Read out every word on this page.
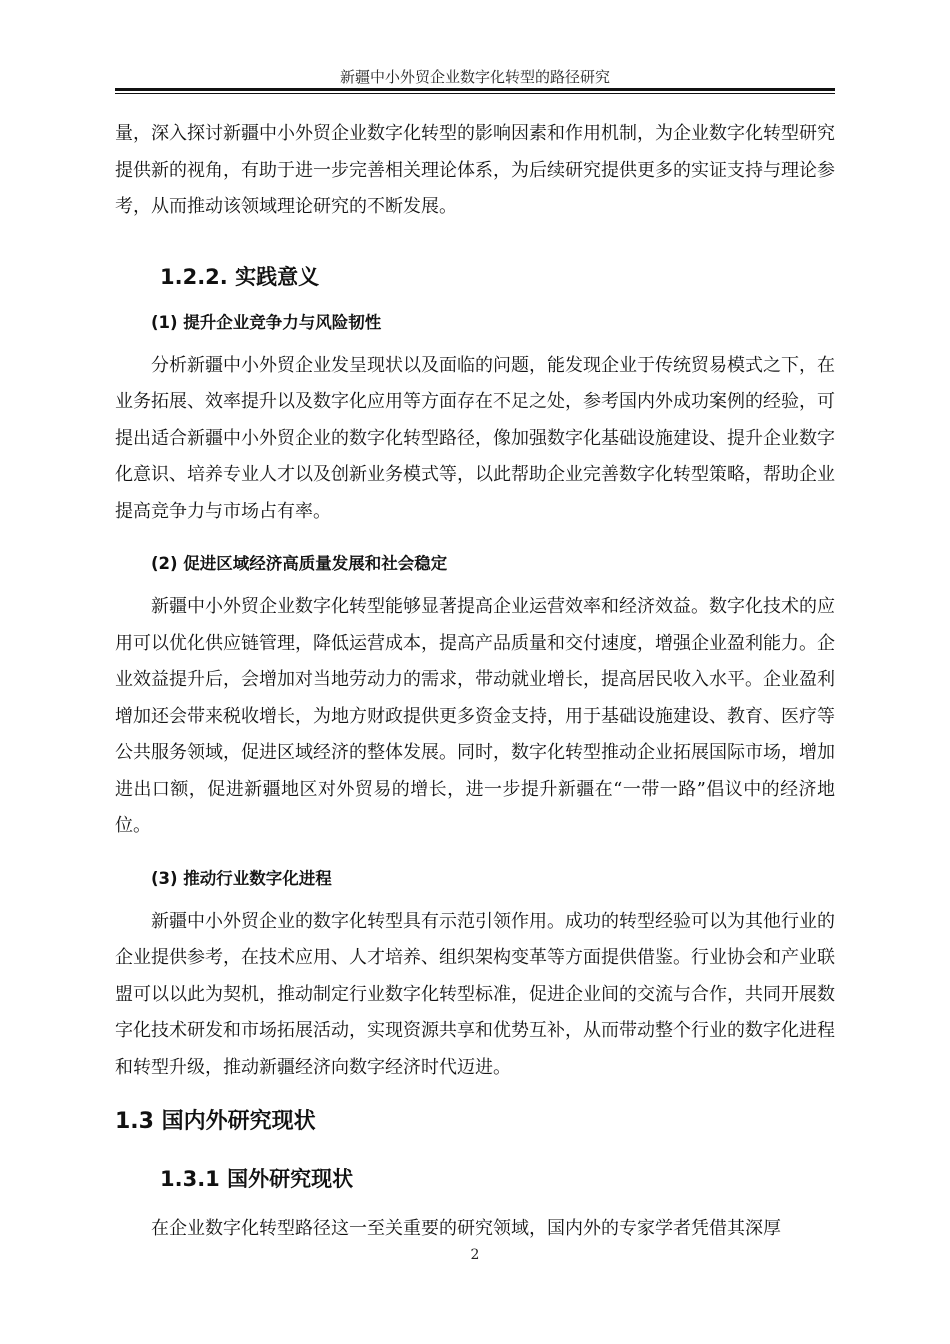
新疆中小外贸企业数字化转型的路径研究

量，深入探讨新疆中小外贸企业数字化转型的影响因素和作用机制，为企业数字化转型研究提供新的视角，有助于进一步完善相关理论体系，为后续研究提供更多的实证支持与理论参考，从而推动该领域理论研究的不断发展。

1.2.2. 实践意义
(1) 提升企业竞争力与风险韧性

分析新疆中小外贸企业发呈现状以及面临的问题，能发现企业于传统贸易模式之下，在业务拓展、效率提升以及数字化应用等方面存在不足之处，参考国内外成功案例的经验，可提出适合新疆中小外贸企业的数字化转型路径，像加强数字化基础设施建设、提升企业数字化意识、培养专业人才以及创新业务模式等，以此帮助企业完善数字化转型策略，帮助企业提高竞争力与市场占有率。

(2) 促进区域经济高质量发展和社会稳定

新疆中小外贸企业数字化转型能够显著提高企业运营效率和经济效益。数字化技术的应用可以优化供应链管理，降低运营成本，提高产品质量和交付速度，增强企业盈利能力。企业效益提升后，会增加对当地劳动力的需求，带动就业增长，提高居民收入水平。企业盈利增加还会带来税收增长，为地方财政提供更多资金支持，用于基础设施建设、教育、医疗等公共服务领域，促进区域经济的整体发展。同时，数字化转型推动企业拓展国际市场，增加进出口额，促进新疆地区对外贸易的增长，进一步提升新疆在“一带一路”倡议中的经济地位。

(3) 推动行业数字化进程

新疆中小外贸企业的数字化转型具有示范引领作用。成功的转型经验可以为其他行业的企业提供参考，在技术应用、人才培养、组织架构变革等方面提供借鉴。行业协会和产业联盟可以以此为契机，推动制定行业数字化转型标准，促进企业间的交流与合作，共同开展数字化技术研发和市场拓展活动，实现资源共享和优势互补，从而带动整个行业的数字化进程和转型升级，推动新疆经济向数字经济时代迈进。

1.3 国内外研究现状
1.3.1 国外研究现状

在企业数字化转型路径这一至关重要的研究领域，国内外的专家学者凭借其深厚

2
